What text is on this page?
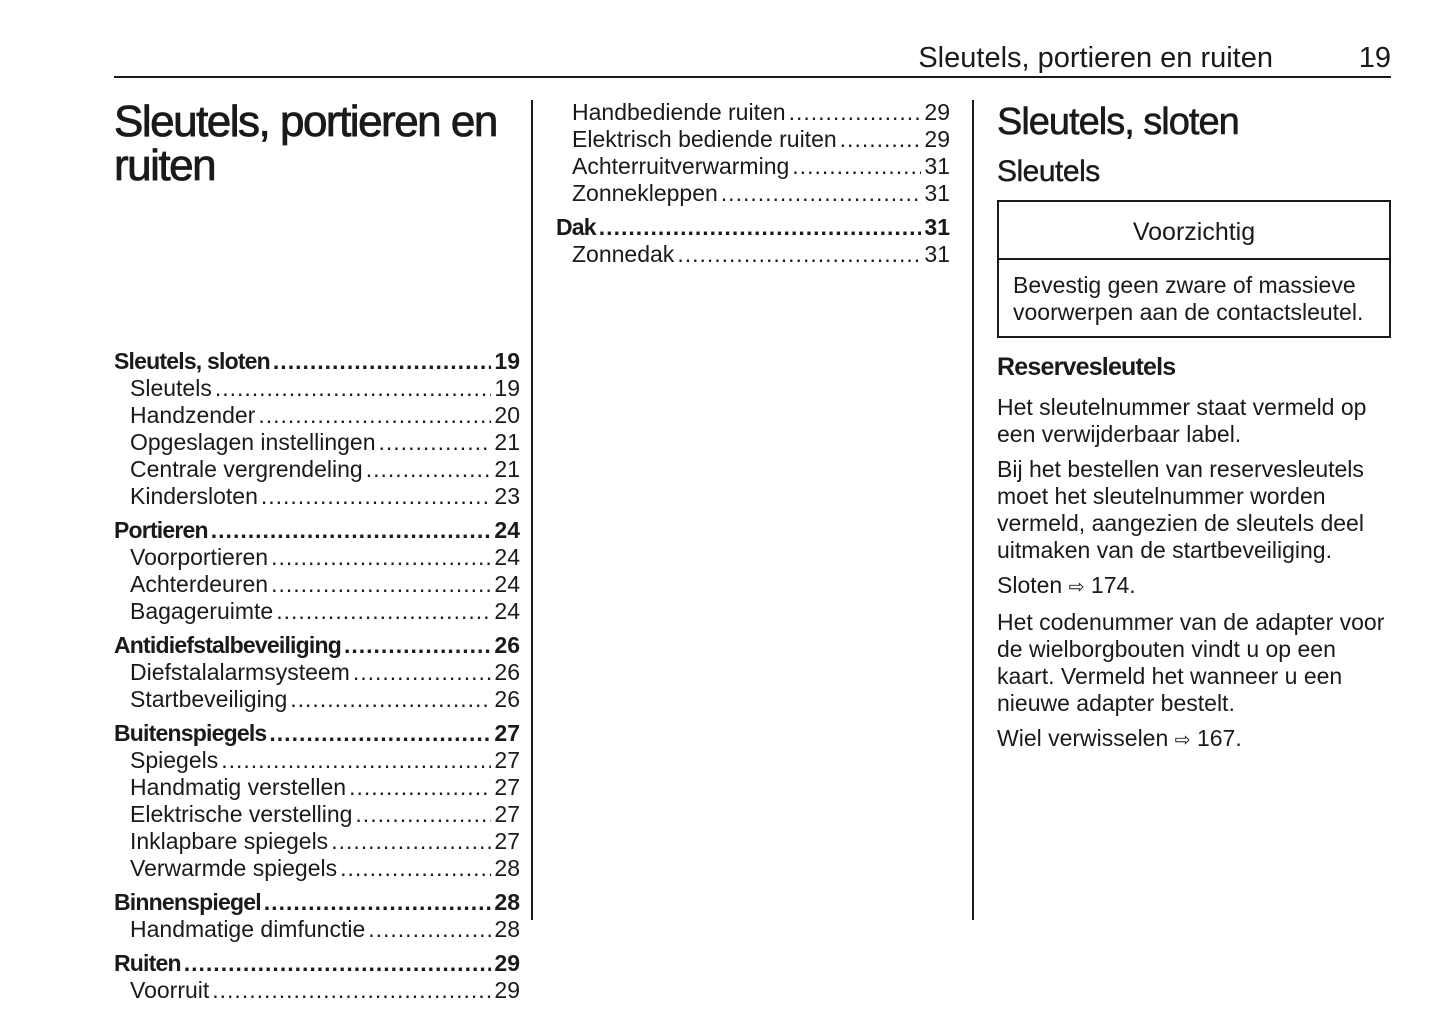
Sleutels, portieren en ruiten	19
Sleutels, portieren en ruiten
Sleutels, sloten .....	19
Sleutels .....	19
Handzender .....	20
Opgeslagen instellingen .....	21
Centrale vergrendeling .....	21
Kindersloten .....	23
Portieren .....	24
Voorportieren .....	24
Achterdeuren .....	24
Bagageruimte .....	24
Antidiefstalbeveiliging .....	26
Diefstalalarmsysteem .....	26
Startbeveiliging .....	26
Buitenspiegels .....	27
Spiegels .....	27
Handmatig verstellen .....	27
Elektrische verstelling .....	27
Inklapbare spiegels .....	27
Verwarmde spiegels .....	28
Binnenspiegel .....	28
Handmatige dimfunctie .....	28
Ruiten .....	29
Voorruit .....	29
Handbediende ruiten .....	29
Elektrisch bediende ruiten .....	29
Achterruitverwarming .....	31
Zonnekleppen .....	31
Dak .....	31
Zonnedak .....	31
Sleutels, sloten
Sleutels
Voorzichtig
Bevestig geen zware of massieve voorwerpen aan de contactsleutel.
Reservesleutels

Het sleutelnummer staat vermeld op een verwijderbaar label.

Bij het bestellen van reservesleutels moet het sleutelnummer worden vermeld, aangezien de sleutels deel uitmaken van de startbeveiliging.

Sloten ⇨ 174.

Het codenummer van de adapter voor de wielborgbouten vindt u op een kaart. Vermeld het wanneer u een nieuwe adapter bestelt.

Wiel verwisselen ⇨ 167.
